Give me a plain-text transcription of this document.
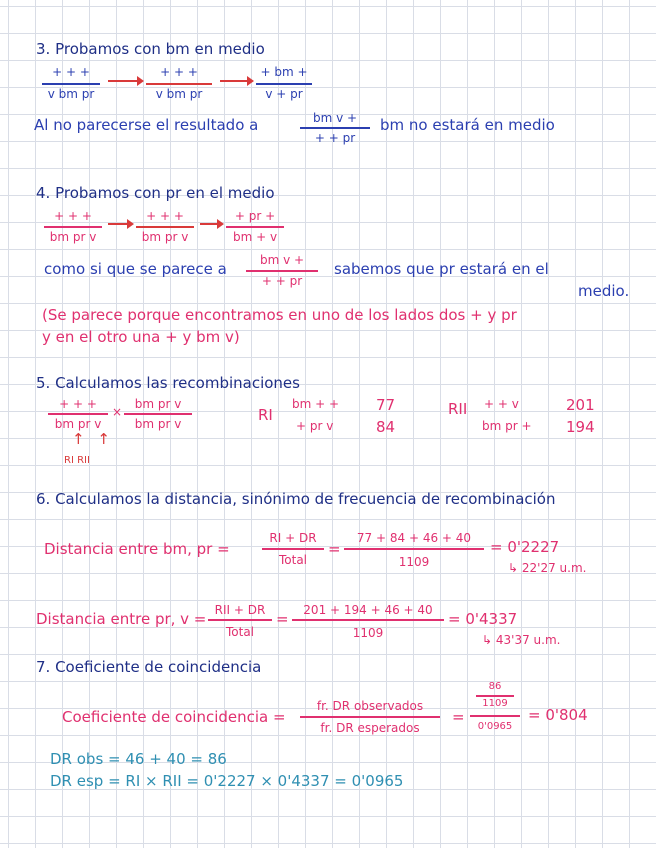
3. Probamos con bm en medio
+ + +
v bm pr
+ + +
v bm pr
+ bm +
v + pr
Al no parecerse el resultado a	bm v +
+ + pr
bm no estará en medio
4. Probamos con pr en el medio
+ + +
bm pr v
+ + +
bm pr v
+ pr +
bm + v
como si que se parece a	bm v +
+ + pr
sabemos que pr estará en el
medio.
(Se parece porque encontramos en uno de los lados dos + y pr
y en el otro una + y bm v)
5. Calculamos las recombinaciones
+ + +
bm pr v
×
bm pr v
bm pr v
↑ ↑
RI RII
RI
bm + +
+ pr v
77
84
RII + + v
bm pr +
201
194
6. Calculamos la distancia, sinónimo de frecuencia de recombinación
Distancia entre bm, pr =
RI + DR
Total
=
77 + 84 + 46 + 40
1109
= 0'2227
↳ 22'27 u.m.
Distancia entre pr, v = RII + DR
Total
=	201 + 194 + 46 + 40
1109
= 0'4337
↳ 43'37 u.m.
7. Coeficiente de coincidencia
Coeficiente de coincidencia =
fr. DR observados
fr. DR esperados
=
86
1109
0'0965
= 0'804
DR obs = 46 + 40 = 86
DR esp = RI × RII = 0'2227 × 0'4337 = 0'0965
